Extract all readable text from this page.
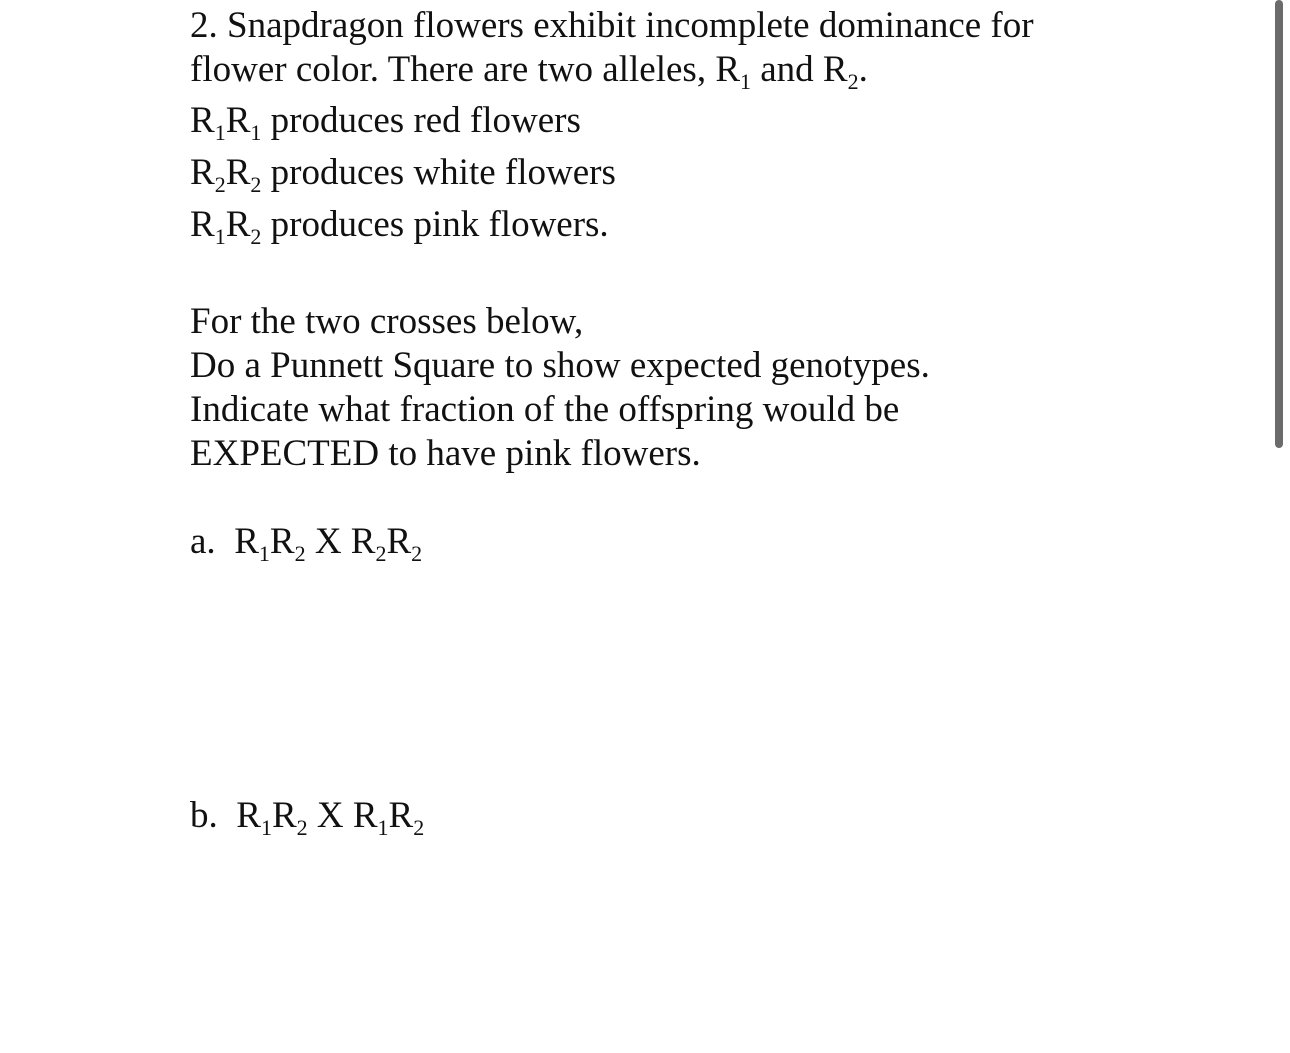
2. Snapdragon flowers exhibit incomplete dominance for
flower color. There are two alleles, $R_1$ and $R_2$.
$R_1R_1$ produces red flowers
$R_2R_2$ produces white flowers
$R_1R_2$ produces pink flowers.
For the two crosses below,
Do a Punnett Square to show expected genotypes.
Indicate what fraction of the offspring would be
EXPECTED to have pink flowers.
a. $R_1R_2$ X $R_2R_2$
b. $R_1R_2$ X $R_1R_2$
